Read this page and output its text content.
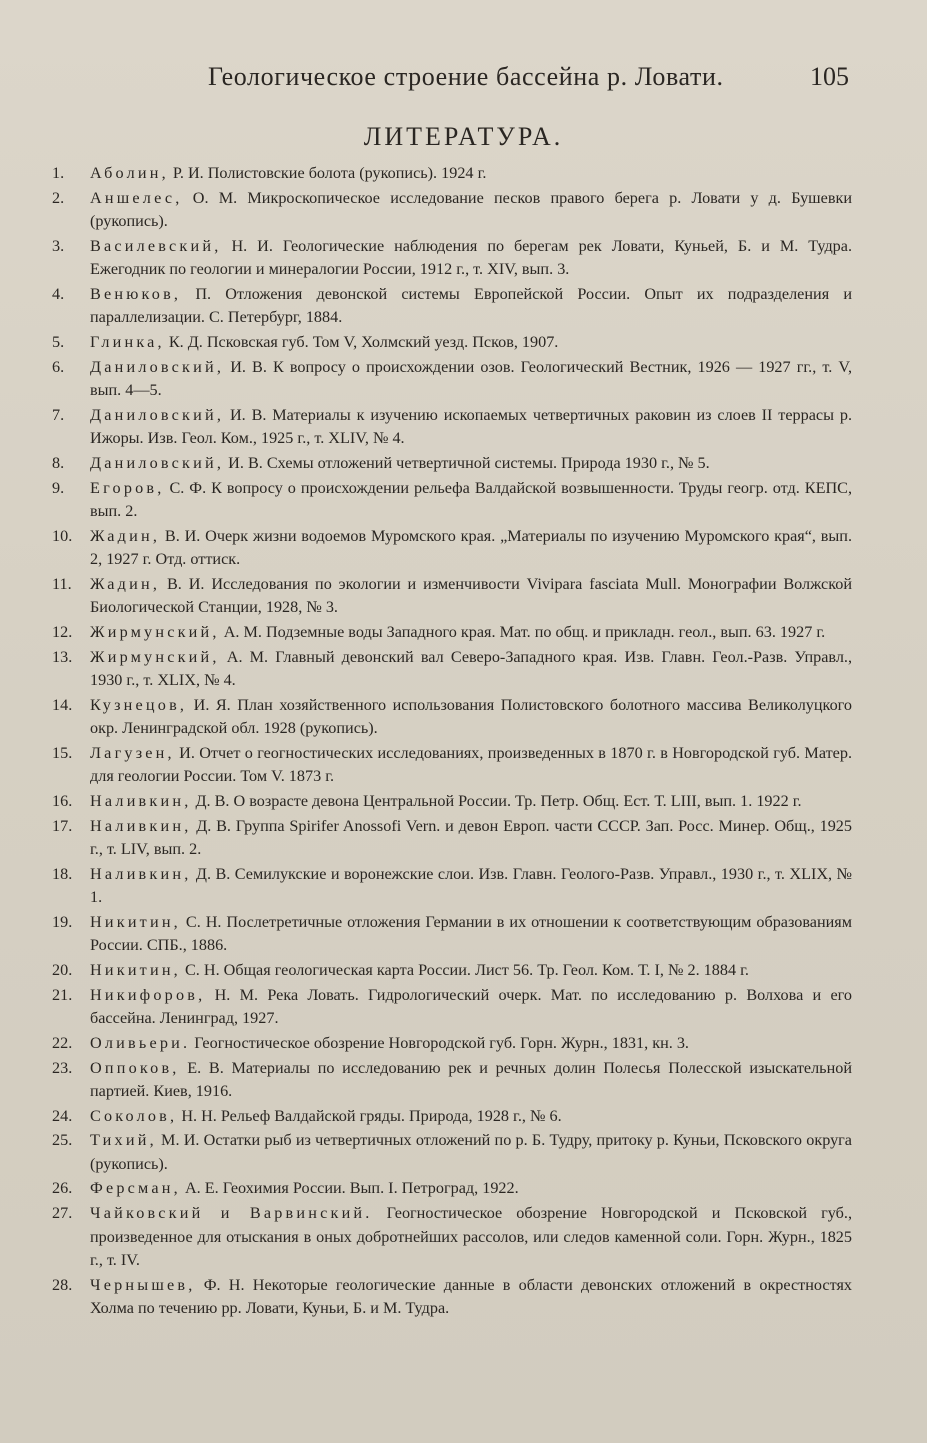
Геологическое строение бассейна р. Ловати.	105
ЛИТЕРАТУРА.
1.	Аболин, Р. И. Полистовские болота (рукопись). 1924 г.
2.	Аншелес, О. М. Микроскопическое исследование песков правого берега р. Ловати у д. Бушевки (рукопись).
3.	Василевский, Н. И. Геологические наблюдения по берегам рек Ловати, Куньей, Б. и М. Тудра. Ежегодник по геологии и минералогии России, 1912 г., т. XIV, вып. 3.
4.	Венюков, П. Отложения девонской системы Европейской России. Опыт их подразделения и параллелизации. С. Петербург, 1884.
5.	Глинка, К. Д. Псковская губ. Том V, Холмский уезд. Псков, 1907.
6.	Даниловский, И. В. К вопросу о происхождении озов. Геологический Вестник, 1926 — 1927 гг., т. V, вып. 4—5.
7.	Даниловский, И. В. Материалы к изучению ископаемых четвертичных раковин из слоев II террасы р. Ижоры. Изв. Геол. Ком., 1925 г., т. XLIV, № 4.
8.	Даниловский, И. В. Схемы отложений четвертичной системы. Природа 1930 г., № 5.
9.	Егоров, С. Ф. К вопросу о происхождении рельефа Валдайской возвышенности. Труды геогр. отд. КЕПС, вып. 2.
10.	Жадин, В. И. Очерк жизни водоемов Муромского края. „Материалы по изучению Муромского края“, вып. 2, 1927 г. Отд. оттиск.
11.	Жадин, В. И. Исследования по экологии и изменчивости Vivipara fasciata Mull. Монографии Волжской Биологической Станции, 1928, № 3.
12.	Жирмунский, А. М. Подземные воды Западного края. Мат. по общ. и прикладн. геол., вып. 63. 1927 г.
13.	Жирмунский, А. М. Главный девонский вал Северо-Западного края. Изв. Главн. Геол.-Разв. Управл., 1930 г., т. XLIX, № 4.
14.	Кузнецов, И. Я. План хозяйственного использования Полистовского болотного массива Великолуцкого окр. Ленинградской обл. 1928 (рукопись).
15.	Лагузен, И. Отчет о геогностических исследованиях, произведенных в 1870 г. в Новгородской губ. Матер. для геологии России. Том V. 1873 г.
16.	Наливкин, Д. В. О возрасте девона Центральной России. Тр. Петр. Общ. Ест. Т. LIII, вып. 1. 1922 г.
17.	Наливкин, Д. В. Группа Spirifer Anossofi Vern. и девон Европ. части СССР. Зап. Росс. Минер. Общ., 1925 г., т. LIV, вып. 2.
18.	Наливкин, Д. В. Семилукские и воронежские слои. Изв. Главн. Геолого-Разв. Управл., 1930 г., т. XLIX, № 1.
19.	Никитин, С. Н. Послетретичные отложения Германии в их отношении к соответствующим образованиям России. СПБ., 1886.
20.	Никитин, С. Н. Общая геологическая карта России. Лист 56. Тр. Геол. Ком. Т. I, № 2. 1884 г.
21.	Никифоров, Н. М. Река Ловать. Гидрологический очерк. Мат. по исследованию р. Волхова и его бассейна. Ленинград, 1927.
22.	Оливьери. Геогностическое обозрение Новгородской губ. Горн. Журн., 1831, кн. 3.
23.	Оппоков, Е. В. Материалы по исследованию рек и речных долин Полесья Полесской изыскательной партией. Киев, 1916.
24.	Соколов, Н. Н. Рельеф Валдайской гряды. Природа, 1928 г., № 6.
25.	Тихий, М. И. Остатки рыб из четвертичных отложений по р. Б. Тудру, притоку р. Куньи, Псковского округа (рукопись).
26.	Ферсман, А. Е. Геохимия России. Вып. I. Петроград, 1922.
27.	Чайковский и Варвинский. Геогностическое обозрение Новгородской и Псковской губ., произведенное для отыскания в оных добротнейших рассолов, или следов каменной соли. Горн. Журн., 1825 г., т. IV.
28.	Чернышев, Ф. Н. Некоторые геологические данные в области девонских отложений в окрестностях Холма по течению рр. Ловати, Куньи, Б. и М. Тудра.
